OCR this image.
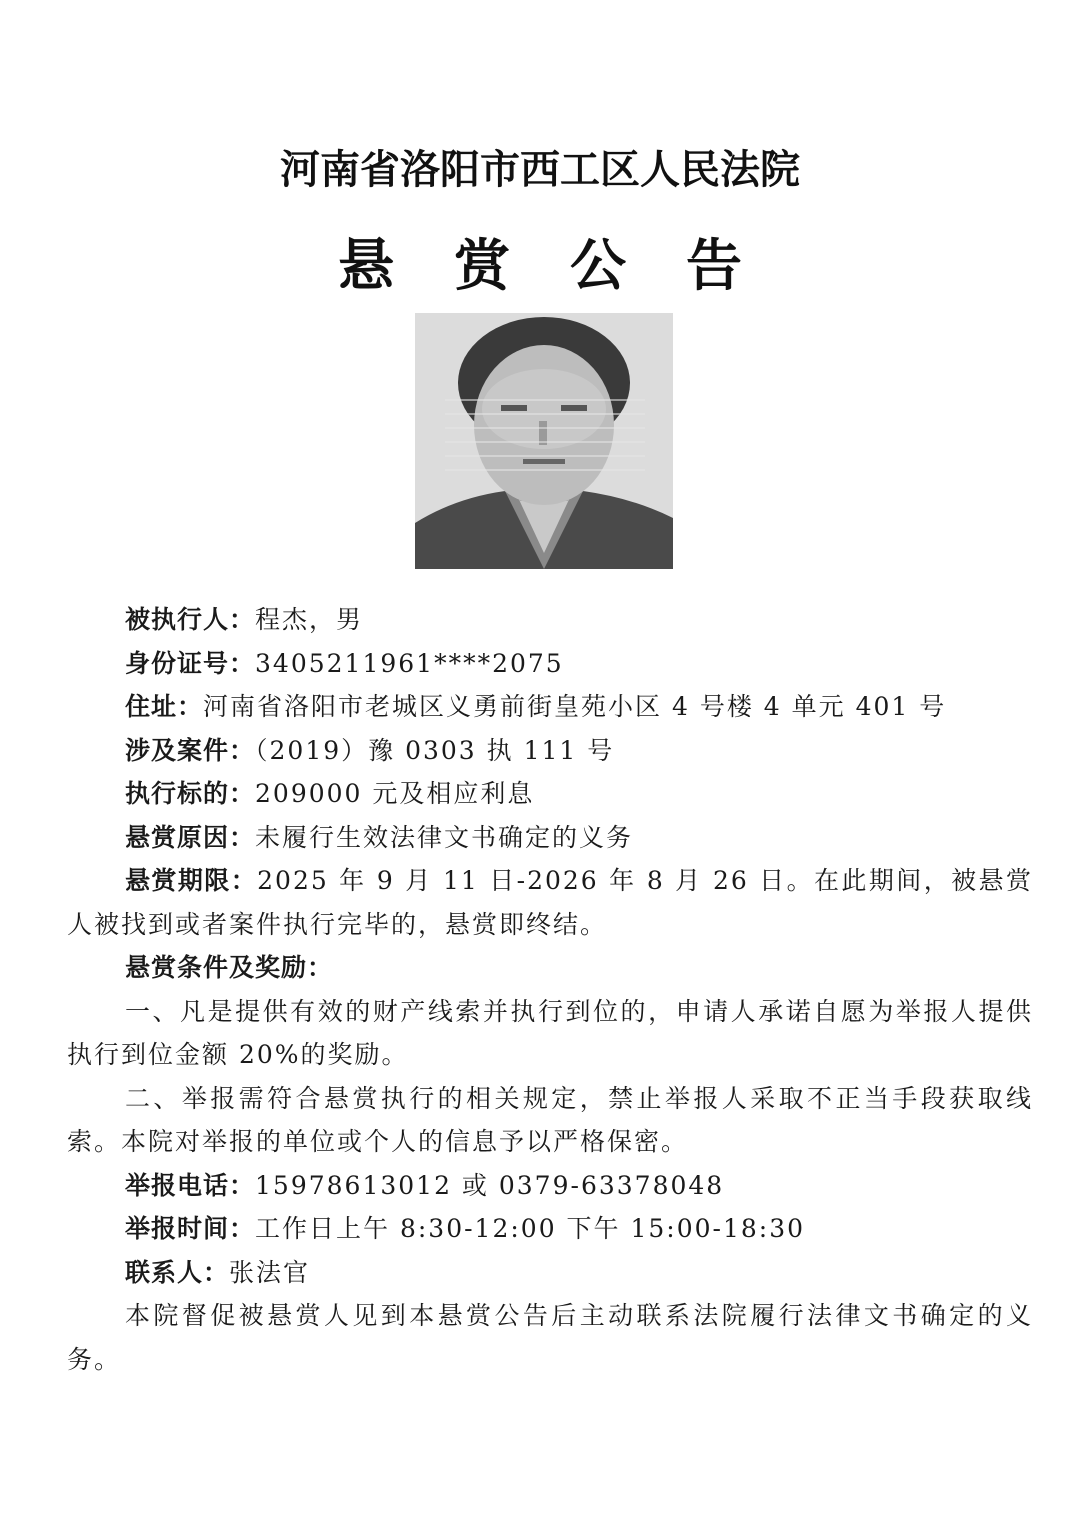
河南省洛阳市西工区人民法院
悬赏公告
被执行人：程杰，男
身份证号：3405211961****2075
住址：河南省洛阳市老城区义勇前街皇苑小区 4 号楼 4 单元 401 号
涉及案件：（2019）豫 0303 执 111 号
执行标的：209000 元及相应利息
悬赏原因：未履行生效法律文书确定的义务
悬赏期限：2025 年 9 月 11 日-2026 年 8 月 26 日。在此期间，被悬赏人被找到或者案件执行完毕的，悬赏即终结。
悬赏条件及奖励：
一、凡是提供有效的财产线索并执行到位的，申请人承诺自愿为举报人提供执行到位金额 20%的奖励。
二、举报需符合悬赏执行的相关规定，禁止举报人采取不正当手段获取线索。本院对举报的单位或个人的信息予以严格保密。
举报电话：15978613012 或 0379-63378048
举报时间：工作日上午 8:30-12:00 下午 15:00-18:30
联系人：张法官
本院督促被悬赏人见到本悬赏公告后主动联系法院履行法律文书确定的义务。
